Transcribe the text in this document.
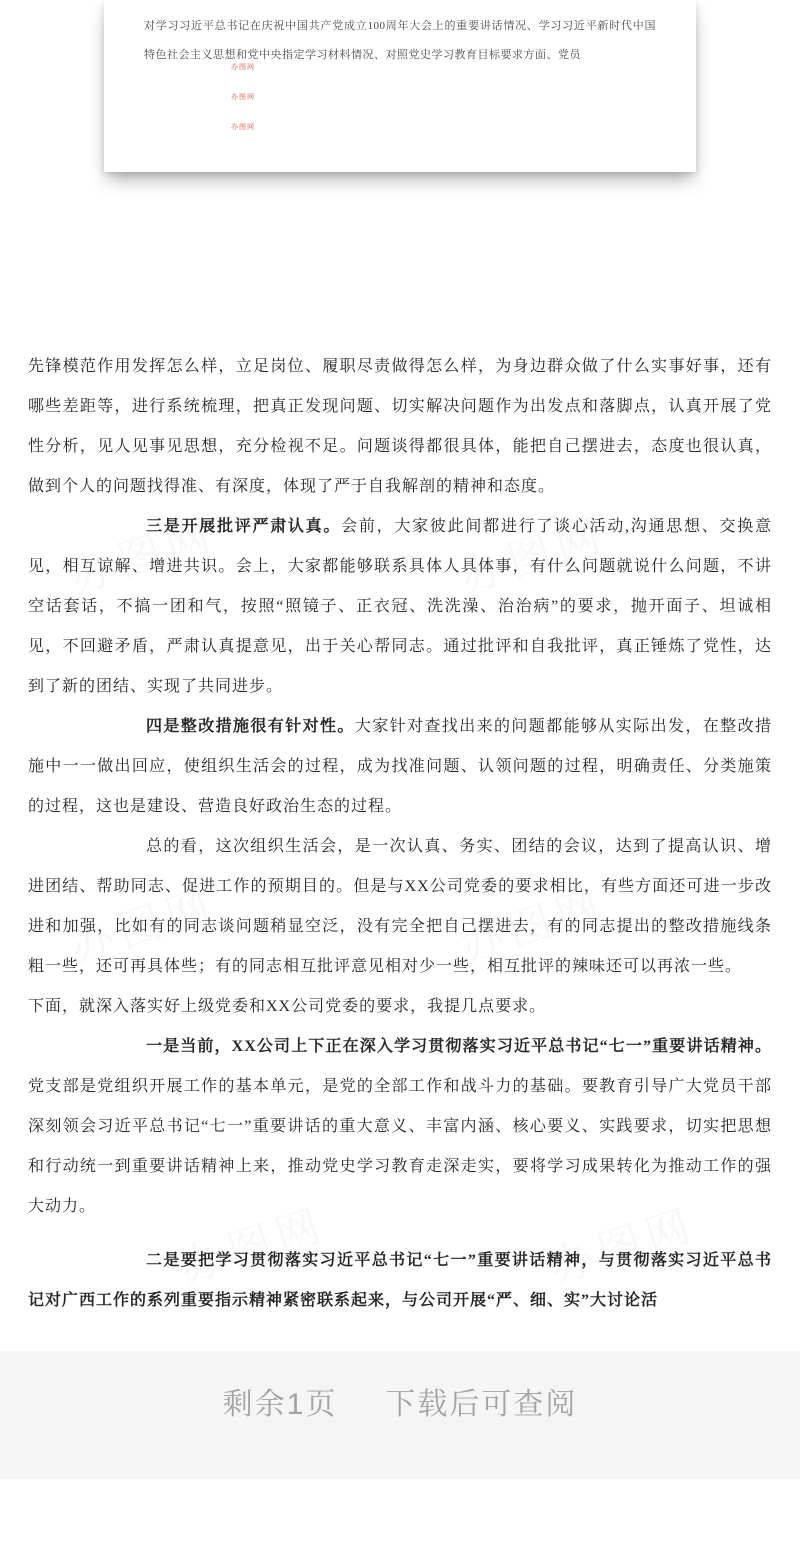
对学习习近平总书记在庆祝中国共产党成立100周年大会上的重要讲话情况、学习习近平新时代中国特色社会主义思想和党中央指定学习材料情况、对照党史学习教育目标要求方面、党员

办图网
办图网
办图网

先锋模范作用发挥怎么样，立足岗位、履职尽责做得怎么样，为身边群众做了什么实事好事，还有哪些差距等，进行系统梳理，把真正发现问题、切实解决问题作为出发点和落脚点，认真开展了党性分析，见人见事见思想，充分检视不足。问题谈得都很具体，能把自己摆进去，态度也很认真，做到个人的问题找得准、有深度，体现了严于自我解剖的精神和态度。

三是开展批评严肃认真。会前，大家彼此间都进行了谈心活动,沟通思想、交换意见，相互谅解、增进共识。会上，大家都能够联系具体人具体事，有什么问题就说什么问题，不讲空话套话，不搞一团和气，按照“照镜子、正衣冠、洗洗澡、治治病”的要求，抛开面子、坦诚相见，不回避矛盾，严肃认真提意见，出于关心帮同志。通过批评和自我批评，真正锤炼了党性，达到了新的团结、实现了共同进步。

四是整改措施很有针对性。大家针对查找出来的问题都能够从实际出发，在整改措施中一一做出回应，使组织生活会的过程，成为找准问题、认领问题的过程，明确责任、分类施策的过程，这也是建设、营造良好政治生态的过程。

总的看，这次组织生活会，是一次认真、务实、团结的会议，达到了提高认识、增进团结、帮助同志、促进工作的预期目的。但是与XX公司党委的要求相比，有些方面还可进一步改进和加强，比如有的同志谈问题稍显空泛，没有完全把自己摆进去，有的同志提出的整改措施线条粗一些，还可再具体些；有的同志相互批评意见相对少一些，相互批评的辣味还可以再浓一些。

下面，就深入落实好上级党委和XX公司党委的要求，我提几点要求。

一是当前，XX公司上下正在深入学习贯彻落实习近平总书记“七一”重要讲话精神。党支部是党组织开展工作的基本单元，是党的全部工作和战斗力的基础。要教育引导广大党员干部深刻领会习近平总书记“七一”重要讲话的重大意义、丰富内涵、核心要义、实践要求，切实把思想和行动统一到重要讲话精神上来，推动党史学习教育走深走实，要将学习成果转化为推动工作的强大动力。

二是要把学习贯彻落实习近平总书记“七一”重要讲话精神，与贯彻落实习近平总书记对广西工作的系列重要指示精神紧密联系起来，与公司开展“严、细、实”大讨论活

剩余1页 下载后可查阅
